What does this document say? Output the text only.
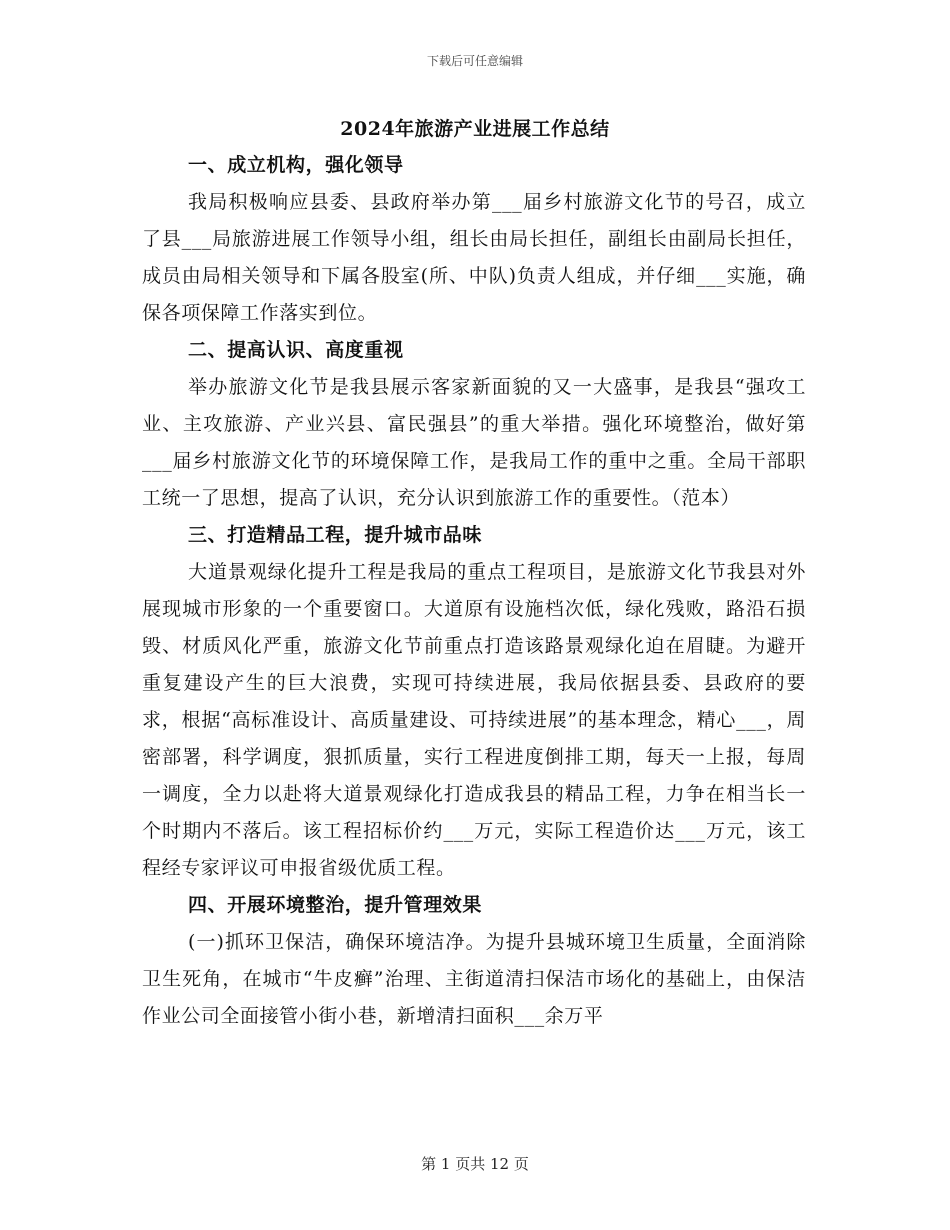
下载后可任意编辑
2024年旅游产业进展工作总结
一、成立机构，强化领导

我局积极响应县委、县政府举办第___届乡村旅游文化节的号召，成立了县___局旅游进展工作领导小组，组长由局长担任，副组长由副局长担任，成员由局相关领导和下属各股室(所、中队)负责人组成，并仔细___实施，确保各项保障工作落实到位。

二、提高认识、高度重视

举办旅游文化节是我县展示客家新面貌的又一大盛事，是我县“强攻工业、主攻旅游、产业兴县、富民强县”的重大举措。强化环境整治，做好第___届乡村旅游文化节的环境保障工作，是我局工作的重中之重。全局干部职工统一了思想，提高了认识，充分认识到旅游工作的重要性。（范本）

三、打造精品工程，提升城市品味

大道景观绿化提升工程是我局的重点工程项目，是旅游文化节我县对外展现城市形象的一个重要窗口。大道原有设施档次低，绿化残败，路沿石损毁、材质风化严重，旅游文化节前重点打造该路景观绿化迫在眉睫。为避开重复建设产生的巨大浪费，实现可持续进展，我局依据县委、县政府的要求，根据“高标准设计、高质量建设、可持续进展”的基本理念，精心___，周密部署，科学调度，狠抓质量，实行工程进度倒排工期，每天一上报，每周一调度，全力以赴将大道景观绿化打造成我县的精品工程，力争在相当长一个时期内不落后。该工程招标价约___万元，实际工程造价达___万元，该工程经专家评议可申报省级优质工程。

四、开展环境整治，提升管理效果

(一)抓环卫保洁，确保环境洁净。为提升县城环境卫生质量，全面消除卫生死角，在城市“牛皮癣”治理、主街道清扫保洁市场化的基础上，由保洁作业公司全面接管小街小巷，新增清扫面积___余万平

第 1 页共 12 页
